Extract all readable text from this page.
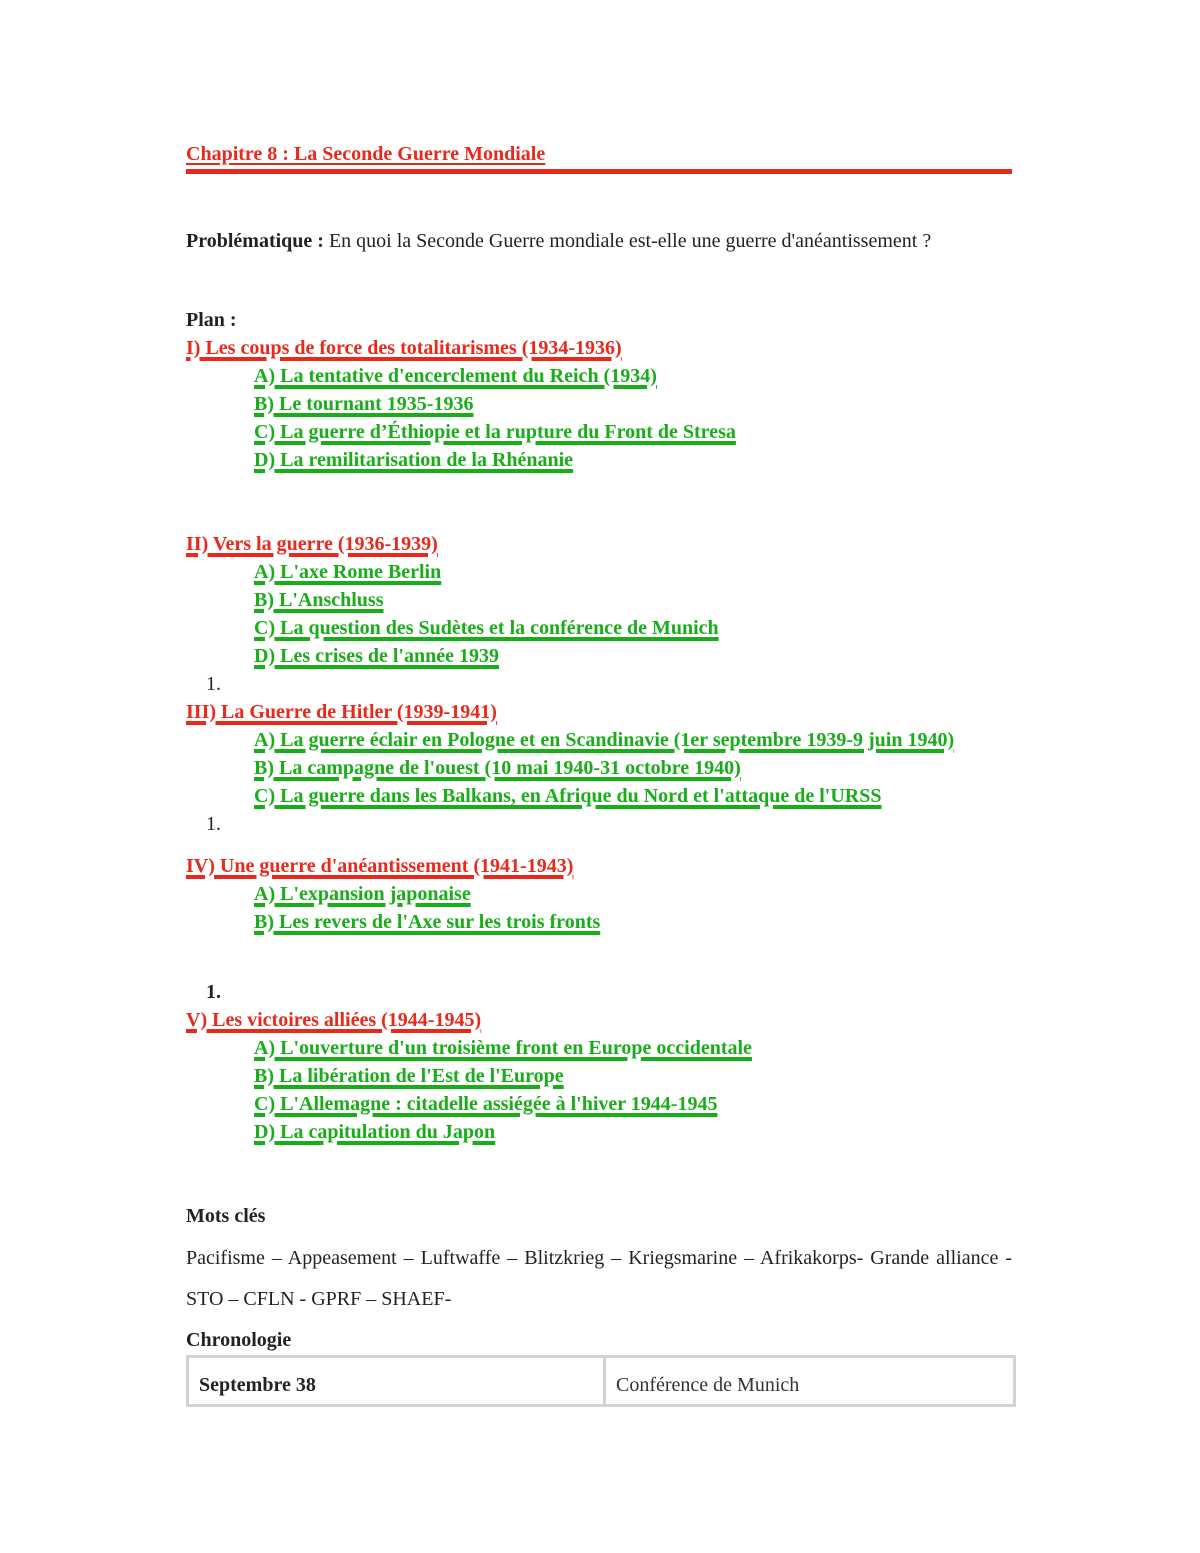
Chapitre 8 : La Seconde Guerre Mondiale
Problématique : En quoi la Seconde Guerre mondiale est-elle une guerre d'anéantissement ?
Plan :
I) Les coups de force des totalitarismes (1934-1936)
A) La tentative d'encerclement du Reich (1934)
B) Le tournant 1935-1936
C) La guerre d’Éthiopie et la rupture du Front de Stresa
D) La remilitarisation de la Rhénanie
II) Vers la guerre (1936-1939)
A) L'axe Rome Berlin
B) L'Anschluss
C) La question des Sudètes et la conférence de Munich
D) Les crises de l'année 1939
1.
III) La Guerre de Hitler (1939-1941)
A) La guerre éclair en Pologne et en Scandinavie (1er septembre 1939-9 juin 1940)
B) La campagne de l'ouest (10 mai 1940-31 octobre 1940)
C) La guerre dans les Balkans, en Afrique du Nord et l'attaque de l'URSS
1.
IV) Une guerre d'anéantissement (1941-1943)
A) L'expansion japonaise
B) Les revers de l'Axe sur les trois fronts
1.
V) Les victoires alliées (1944-1945)
A) L'ouverture d'un troisième front en Europe occidentale
B) La libération de l'Est de l'Europe
C) L'Allemagne : citadelle assiégée à l'hiver 1944-1945
D) La capitulation du Japon
Mots clés
Pacifisme – Appeasement – Luftwaffe – Blitzkrieg – Kriegsmarine – Afrikakorps- Grande alliance - STO – CFLN - GPRF – SHAEF-
Chronologie
Septembre 38	Conférence de Munich
